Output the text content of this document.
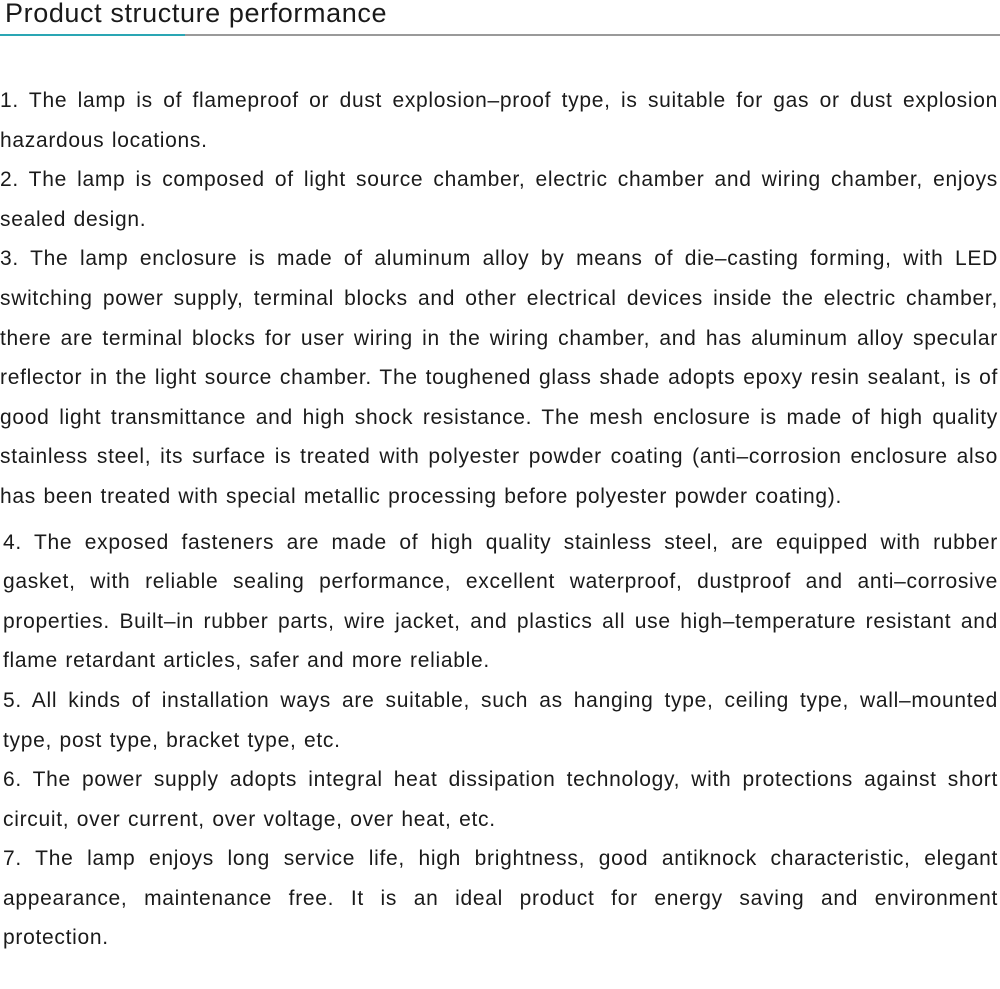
Product structure performance

1. The lamp is of flameproof or dust explosion–proof type, is suitable for gas or dust explosion hazardous locations.

2. The lamp is composed of light source chamber, electric chamber and wiring chamber, enjoys sealed design.

3. The lamp enclosure is made of aluminum alloy by means of die–casting forming, with LED switching power supply, terminal blocks and other electrical devices inside the electric chamber, there are terminal blocks for user wiring in the wiring chamber, and has aluminum alloy specular reflector in the light source chamber. The toughened glass shade adopts epoxy resin sealant, is of good light transmittance and high shock resistance. The mesh enclosure is made of high quality stainless steel, its surface is treated with polyester powder coating (anti–corrosion enclosure also has been treated with special metallic processing before polyester powder coating).

4. The exposed fasteners are made of high quality stainless steel, are equipped with rubber gasket, with reliable sealing performance, excellent waterproof, dustproof and anti–corrosive properties. Built–in rubber parts, wire jacket, and plastics all use high–temperature resistant and flame retardant articles, safer and more reliable.

5. All kinds of installation ways are suitable, such as hanging type, ceiling type, wall–mounted type, post type, bracket type, etc.

6. The power supply adopts integral heat dissipation technology, with protections against short circuit, over current, over voltage, over heat, etc.

7. The lamp enjoys long service life, high brightness, good antiknock characteristic, elegant appearance, maintenance free. It is an ideal product for energy saving and environment protection.
